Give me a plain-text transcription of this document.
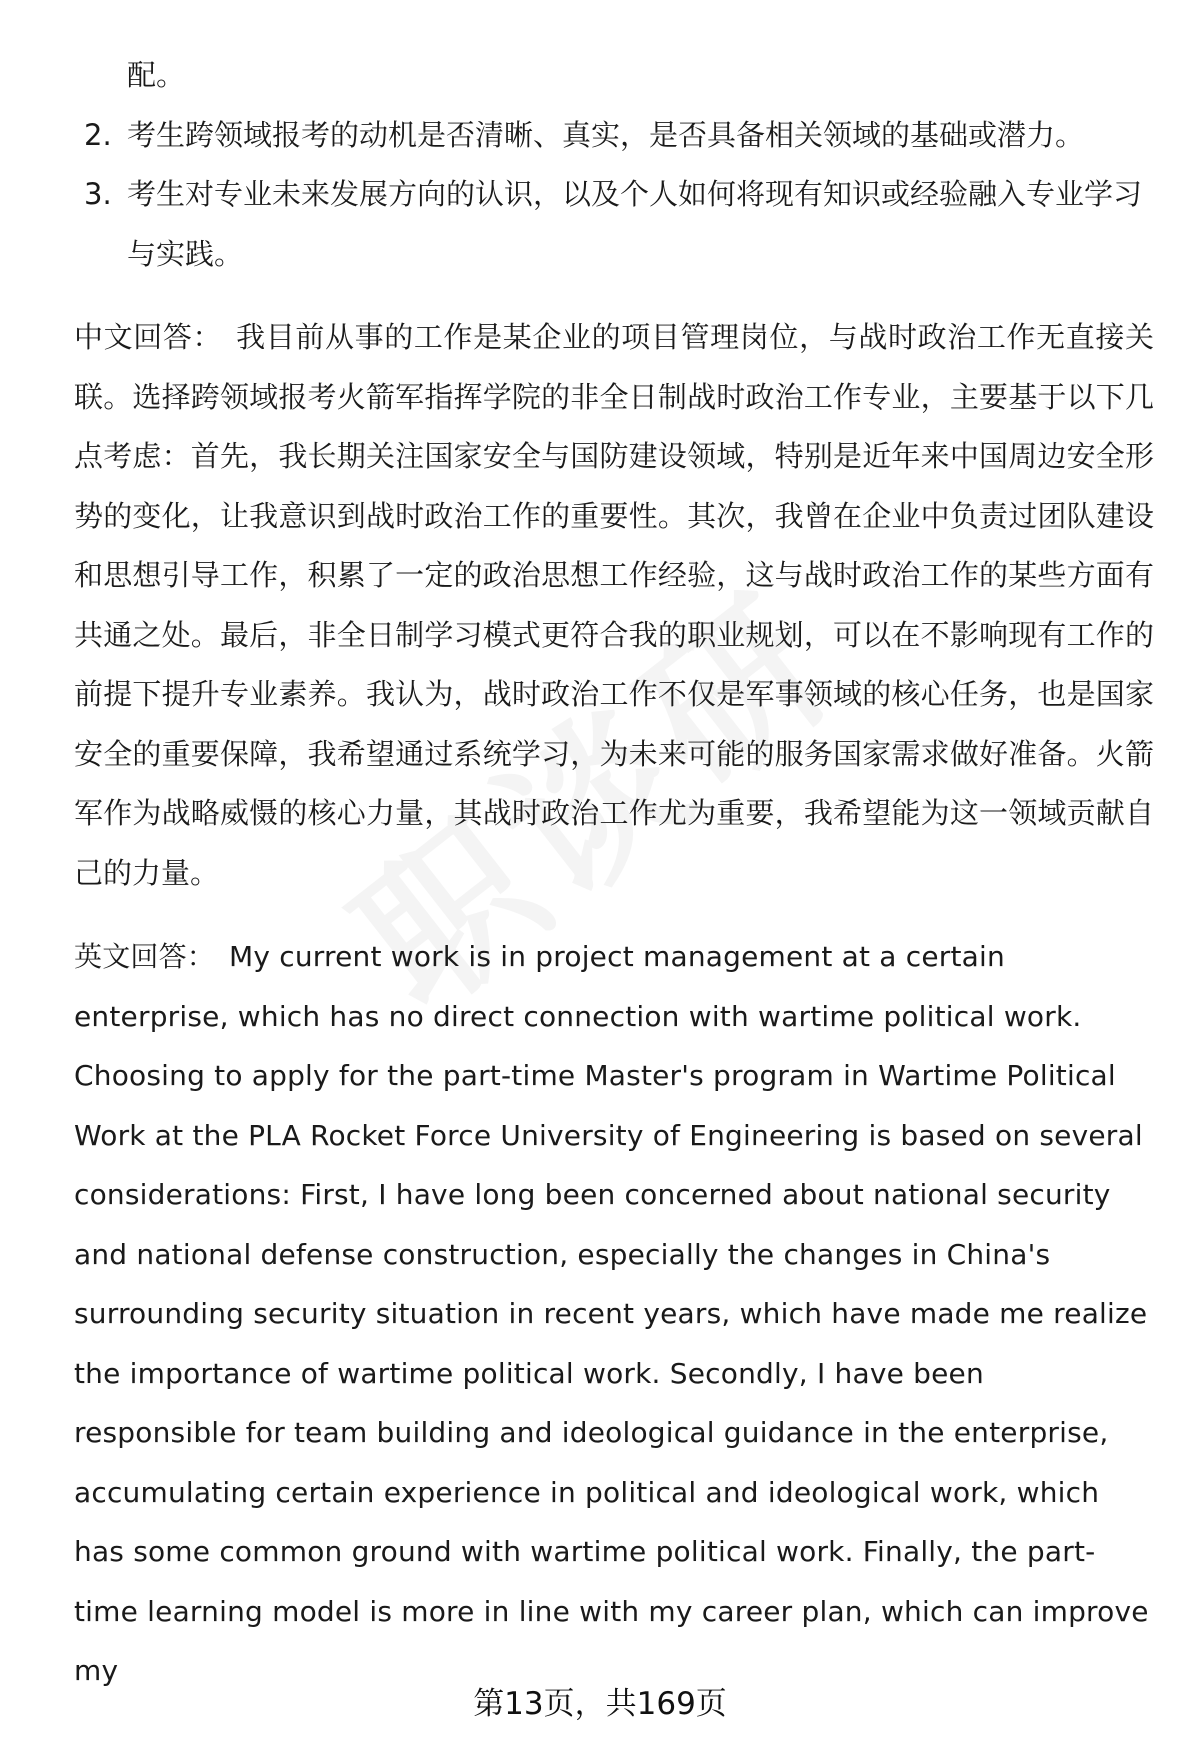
配。
2. 考生跨领域报考的动机是否清晰、真实，是否具备相关领域的基础或潜力。
3. 考生对专业未来发展方向的认识，以及个人如何将现有知识或经验融入专业学习与实践。
中文回答： 我目前从事的工作是某企业的项目管理岗位，与战时政治工作无直接关联。选择跨领域报考火箭军指挥学院的非全日制战时政治工作专业，主要基于以下几点考虑：首先，我长期关注国家安全与国防建设领域，特别是近年来中国周边安全形势的变化，让我意识到战时政治工作的重要性。其次，我曾在企业中负责过团队建设和思想引导工作，积累了一定的政治思想工作经验，这与战时政治工作的某些方面有共通之处。最后，非全日制学习模式更符合我的职业规划，可以在不影响现有工作的前提下提升专业素养。我认为，战时政治工作不仅是军事领域的核心任务，也是国家安全的重要保障，我希望通过系统学习，为未来可能的服务国家需求做好准备。火箭军作为战略威慑的核心力量，其战时政治工作尤为重要，我希望能为这一领域贡献自己的力量。
英文回答： My current work is in project management at a certain enterprise, which has no direct connection with wartime political work. Choosing to apply for the part-time Master's program in Wartime Political Work at the PLA Rocket Force University of Engineering is based on several considerations: First, I have long been concerned about national security and national defense construction, especially the changes in China's surrounding security situation in recent years, which have made me realize the importance of wartime political work. Secondly, I have been responsible for team building and ideological guidance in the enterprise, accumulating certain experience in political and ideological work, which has some common ground with wartime political work. Finally, the part-time learning model is more in line with my career plan, which can improve my
第13页，共169页
